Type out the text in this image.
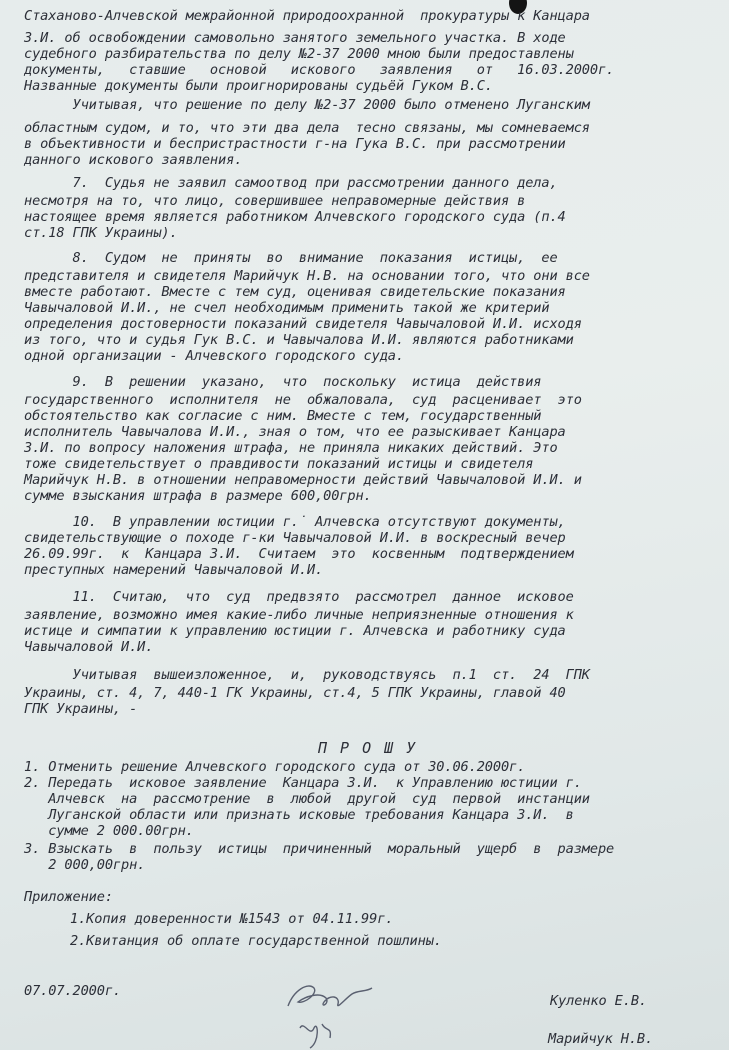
Стаханово-Алчевской межрайонной природоохранной  прокуратуры к Канцара
З.И. об освобождении самовольно занятого земельного участка. В ходе
судебного разбирательства по делу №2-37 2000 мною были предоставлены
документы,   ставшие   основой   искового   заявления   от   16.03.2000г.
Названные документы были проигнорированы судьёй Гуком В.С.
Учитывая, что решение по делу №2-37 2000 было отменено Луганским
областным судом, и то, что эти два дела  тесно связаны, мы сомневаемся
в объективности и беспристрастности г-на Гука В.С. при рассмотрении
данного искового заявления.
7.  Судья не заявил самоотвод при рассмотрении данного дела,
несмотря на то, что лицо, совершившее неправомерные действия в
настоящее время является работником Алчевского городского суда (п.4
ст.18 ГПК Украины).
8.  Судом  не  приняты  во  внимание  показания  истицы,  ее
представителя и свидетеля Марийчук Н.В. на основании того, что они все
вместе работают. Вместе с тем суд, оценивая свидетельские показания
Чавычаловой И.И., не счел необходимым применить такой же критерий
определения достоверности показаний свидетеля Чавычаловой И.И. исходя
из того, что и судья Гук В.С. и Чавычалова И.И. являются работниками
одной организации - Алчевского городского суда.
9.  В  решении  указано,  что  поскольку  истица  действия
государственного  исполнителя  не  обжаловала,  суд  расценивает  это
обстоятельство как согласие с ним. Вместе с тем, государственный
исполнитель Чавычалова И.И., зная о том, что ее разыскивает Канцара
З.И. по вопросу наложения штрафа, не приняла никаких действий. Это
тоже свидетельствует о правдивости показаний истицы и свидетеля
Марийчук Н.В. в отношении неправомерности действий Чавычаловой И.И. и
сумме взыскания штрафа в размере 600,00грн.
10.  В управлении юстиции г.˙ Алчевска отсутствуют документы,
свидетельствующие о походе г-ки Чавычаловой И.И. в воскресный вечер
26.09.99г.  к  Канцара З.И.  Считаем  это  косвенным  подтверждением
преступных намерений Чавычаловой И.И.
11.  Считаю,  что  суд  предвзято  рассмотрел  данное  исковое
заявление, возможно имея какие-либо личные неприязненные отношения к
истице и симпатии к управлению юстиции г. Алчевска и работнику суда
Чавычаловой И.И.
Учитывая  вышеизложенное,  и,  руководствуясь  п.1  ст.  24  ГПК
Украины, ст. 4, 7, 440-1 ГК Украины, ст.4, 5 ГПК Украины, главой 40
ГПК Украины, -
П Р О Ш У
1. Отменить решение Алчевского городского суда от 30.06.2000г.
2. Передать  исковое заявление  Канцара З.И.  к Управлению юстиции г.
Алчевск  на  рассмотрение  в  любой  другой  суд  первой  инстанции
Луганской области или признать исковые требования Канцара З.И.  в
сумме 2 000.00грн.
3. Взыскать  в  пользу  истицы  причиненный  моральный  ущерб  в  размере
2 000,00грн.
Приложение:
1.Копия доверенности №1543 от 04.11.99г.
2.Квитанция об оплате государственной пошлины.
07.07.2000г.
Куленко Е.В.
Марийчук Н.В.
